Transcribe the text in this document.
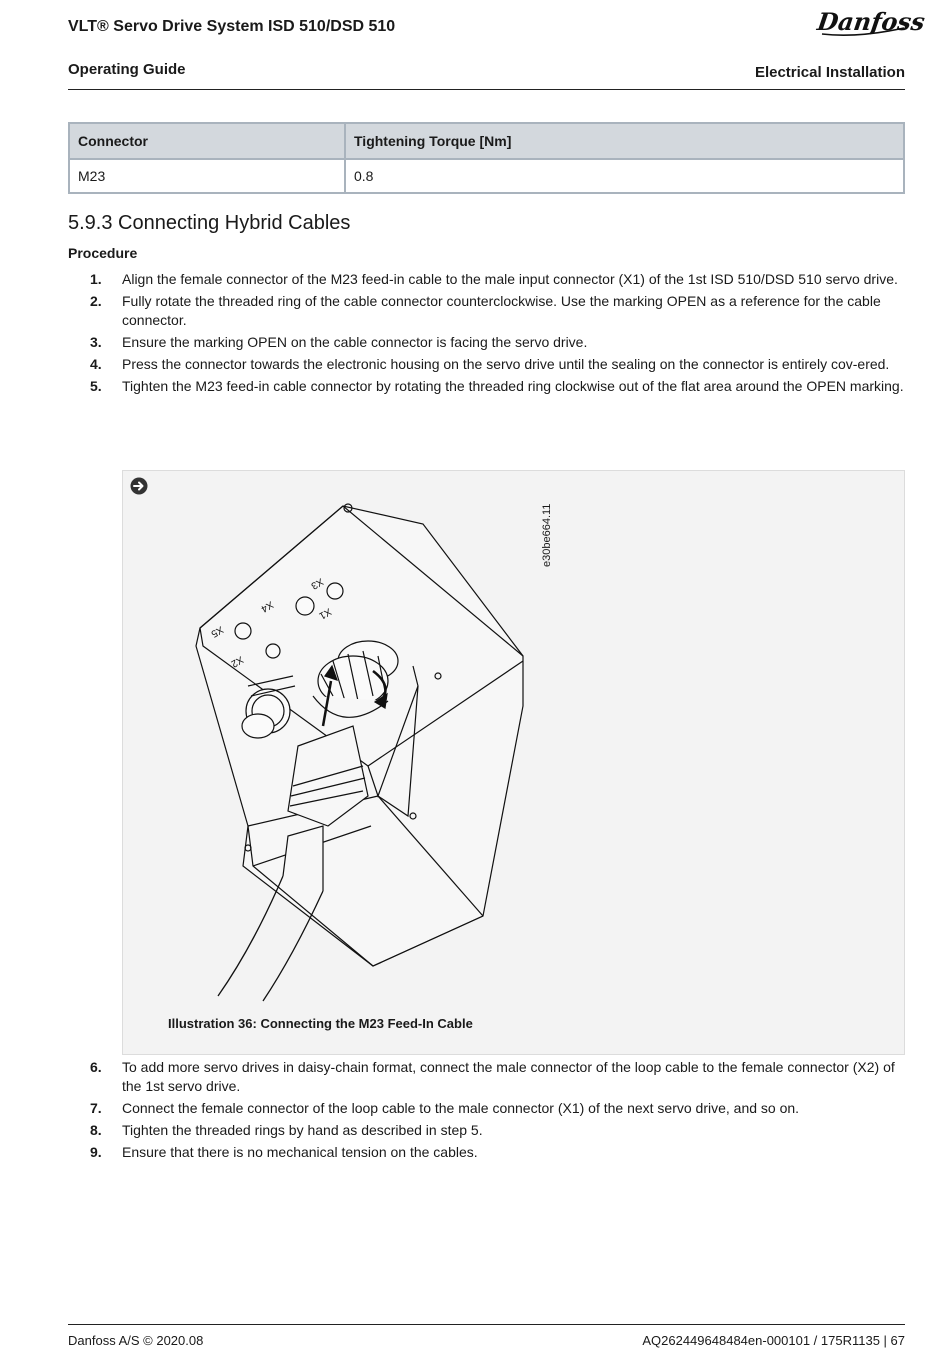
VLT® Servo Drive System ISD 510/DSD 510
Operating Guide	Electrical Installation
Danfoss
Connector	Tightening Torque [Nm]
M23	0.8
5.9.3 Connecting Hybrid Cables
Procedure
1. Align the female connector of the M23 feed-in cable to the male input connector (X1) of the 1st ISD 510/DSD 510 servo drive.
2. Fully rotate the threaded ring of the cable connector counterclockwise. Use the marking OPEN as a reference for the cable connector.
3. Ensure the marking OPEN on the cable connector is facing the servo drive.
4. Press the connector towards the electronic housing on the servo drive until the sealing on the connector is entirely cov-ered.
5. Tighten the M23 feed-in cable connector by rotating the threaded ring clockwise out of the flat area around the OPEN marking.
e30be664.11
X1
X3
X4
X5
X2
Illustration 36: Connecting the M23 Feed-In Cable
6. To add more servo drives in daisy-chain format, connect the male connector of the loop cable to the female connector (X2) of the 1st servo drive.
7. Connect the female connector of the loop cable to the male connector (X1) of the next servo drive, and so on.
8. Tighten the threaded rings by hand as described in step 5.
9. Ensure that there is no mechanical tension on the cables.
Danfoss A/S © 2020.08	AQ262449648484en-000101 / 175R1135 | 67
